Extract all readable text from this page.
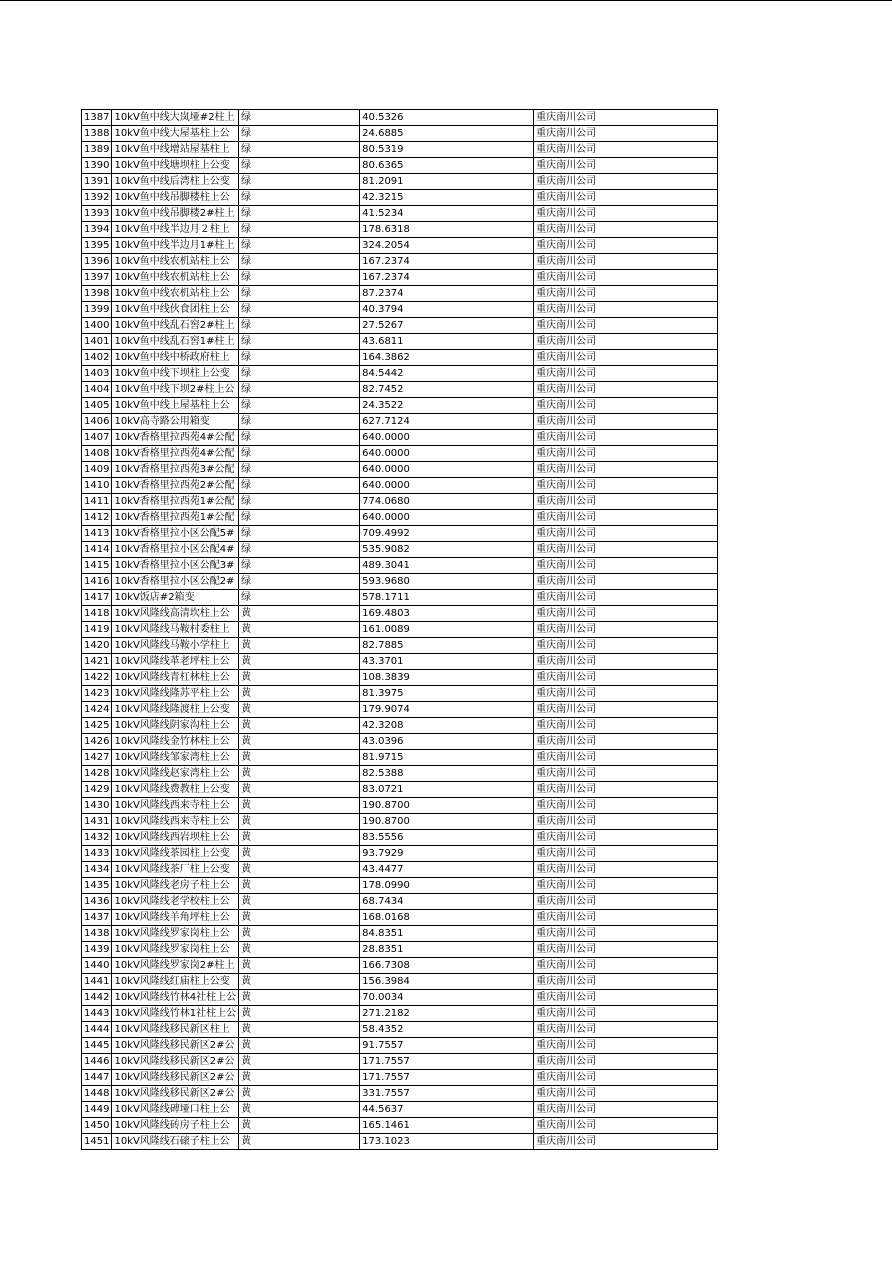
1387	10kV鱼中线大岚垭#2柱上	绿	40.5326	重庆南川公司
1388	10kV鱼中线大屋基柱上公	绿	24.6885	重庆南川公司
1389	10kV鱼中线增站屋基柱上	绿	80.5319	重庆南川公司
1390	10kV鱼中线塘坝柱上公变	绿	80.6365	重庆南川公司
1391	10kV鱼中线后湾柱上公变	绿	81.2091	重庆南川公司
1392	10kV鱼中线吊脚楼柱上公	绿	42.3215	重庆南川公司
1393	10kV鱼中线吊脚楼2#柱上	绿	41.5234	重庆南川公司
1394	10kV鱼中线半边月２柱上	绿	178.6318	重庆南川公司
1395	10kV鱼中线半边月1#柱上	绿	324.2054	重庆南川公司
1396	10kV鱼中线农机站柱上公	绿	167.2374	重庆南川公司
1397	10kV鱼中线农机站柱上公	绿	167.2374	重庆南川公司
1398	10kV鱼中线农机站柱上公	绿	87.2374	重庆南川公司
1399	10kV鱼中线伙食团柱上公	绿	40.3794	重庆南川公司
1400	10kV鱼中线乱石窖2#柱上	绿	27.5267	重庆南川公司
1401	10kV鱼中线乱石窖1#柱上	绿	43.6811	重庆南川公司
1402	10kV鱼中线中桥政府柱上	绿	164.3862	重庆南川公司
1403	10kV鱼中线下坝柱上公变	绿	84.5442	重庆南川公司
1404	10kV鱼中线下坝2#柱上公	绿	82.7452	重庆南川公司
1405	10kV鱼中线上屋基柱上公	绿	24.3522	重庆南川公司
1406	10kV高寺路公用箱变	绿	627.7124	重庆南川公司
1407	10kV香格里拉西苑4#公配	绿	640.0000	重庆南川公司
1408	10kV香格里拉西苑4#公配	绿	640.0000	重庆南川公司
1409	10kV香格里拉西苑3#公配	绿	640.0000	重庆南川公司
1410	10kV香格里拉西苑2#公配	绿	640.0000	重庆南川公司
1411	10kV香格里拉西苑1#公配	绿	774.0680	重庆南川公司
1412	10kV香格里拉西苑1#公配	绿	640.0000	重庆南川公司
1413	10kV香格里拉小区公配5#	绿	709.4992	重庆南川公司
1414	10kV香格里拉小区公配4#	绿	535.9082	重庆南川公司
1415	10kV香格里拉小区公配3#	绿	489.3041	重庆南川公司
1416	10kV香格里拉小区公配2#	绿	593.9680	重庆南川公司
1417	10kV饭店#2箱变	绿	578.1711	重庆南川公司
1418	10kV风隆线高清坎柱上公	黄	169.4803	重庆南川公司
1419	10kV风隆线马鞍村委柱上	黄	161.0089	重庆南川公司
1420	10kV风隆线马鞍小学柱上	黄	82.7885	重庆南川公司
1421	10kV风隆线革老坪柱上公	黄	43.3701	重庆南川公司
1422	10kV风隆线青杠林柱上公	黄	108.3839	重庆南川公司
1423	10kV风隆线隆苏平柱上公	黄	81.3975	重庆南川公司
1424	10kV风隆线隆渡柱上公变	黄	179.9074	重庆南川公司
1425	10kV风隆线阴家沟柱上公	黄	42.3208	重庆南川公司
1426	10kV风隆线金竹林柱上公	黄	43.0396	重庆南川公司
1427	10kV风隆线邹家湾柱上公	黄	81.9715	重庆南川公司
1428	10kV风隆线赵家湾柱上公	黄	82.5388	重庆南川公司
1429	10kV风隆线费教柱上公变	黄	83.0721	重庆南川公司
1430	10kV风隆线西来寺柱上公	黄	190.8700	重庆南川公司
1431	10kV风隆线西来寺柱上公	黄	190.8700	重庆南川公司
1432	10kV风隆线西岩坝柱上公	黄	83.5556	重庆南川公司
1433	10kV风隆线茶园柱上公变	黄	93.7929	重庆南川公司
1434	10kV风隆线茶厂柱上公变	黄	43.4477	重庆南川公司
1435	10kV风隆线老房子柱上公	黄	178.0990	重庆南川公司
1436	10kV风隆线老学校柱上公	黄	68.7434	重庆南川公司
1437	10kV风隆线羊角坪柱上公	黄	168.0168	重庆南川公司
1438	10kV风隆线罗家岗柱上公	黄	84.8351	重庆南川公司
1439	10kV风隆线罗家岗柱上公	黄	28.8351	重庆南川公司
1440	10kV风隆线罗家岗2#柱上	黄	166.7308	重庆南川公司
1441	10kV风隆线红庙柱上公变	黄	156.3984	重庆南川公司
1442	10kV风隆线竹林4社柱上公	黄	70.0034	重庆南川公司
1443	10kV风隆线竹林1社柱上公	黄	271.2182	重庆南川公司
1444	10kV风隆线移民新区柱上	黄	58.4352	重庆南川公司
1445	10kV风隆线移民新区2#公	黄	91.7557	重庆南川公司
1446	10kV风隆线移民新区2#公	黄	171.7557	重庆南川公司
1447	10kV风隆线移民新区2#公	黄	171.7557	重庆南川公司
1448	10kV风隆线移民新区2#公	黄	331.7557	重庆南川公司
1449	10kV风隆线碑垭口柱上公	黄	44.5637	重庆南川公司
1450	10kV风隆线砖房子柱上公	黄	165.1461	重庆南川公司
1451	10kV风隆线石磙子柱上公	黄	173.1023	重庆南川公司
